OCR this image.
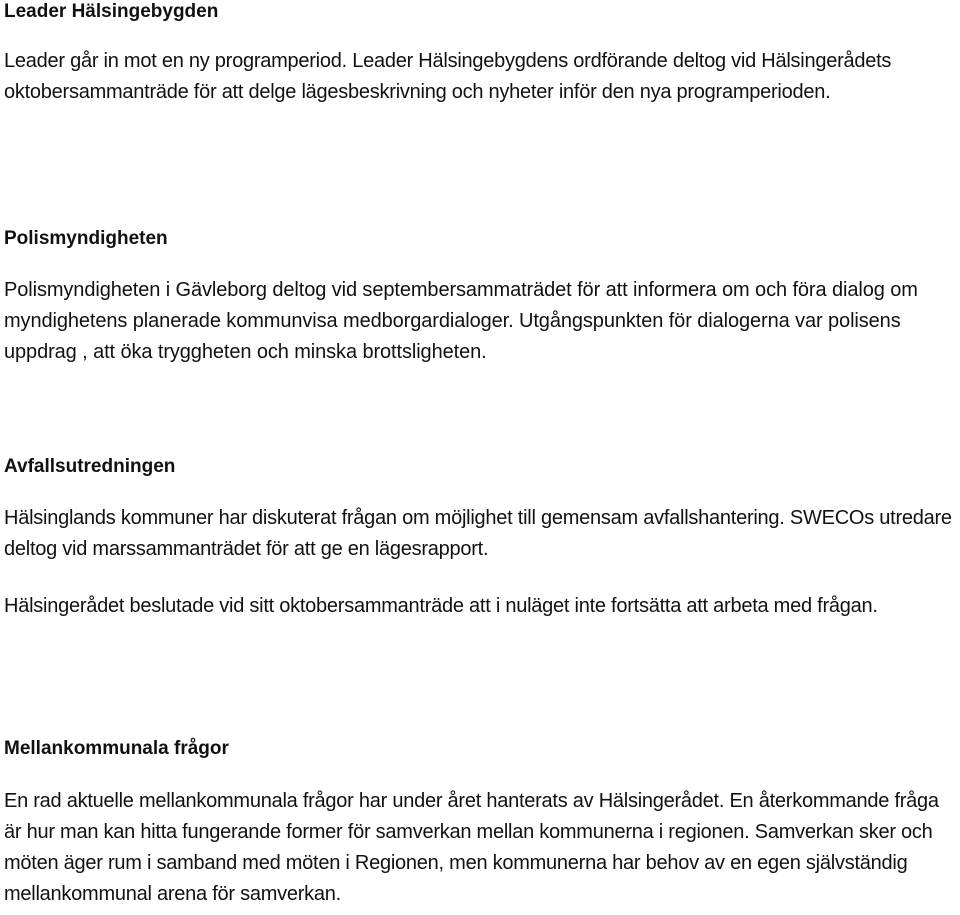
Leader Hälsingebygden

Leader går in mot en ny programperiod. Leader Hälsingebygdens ordförande deltog vid Hälsingerådets oktobersammanträde för att delge lägesbeskrivning och nyheter inför den nya programperioden.

Polismyndigheten

Polismyndigheten i Gävleborg deltog vid septembersammaträdet för att informera om och föra dialog om myndighetens planerade kommunvisa medborgardialoger. Utgångspunkten för dialogerna var polisens uppdrag , att öka tryggheten och minska brottsligheten.

Avfallsutredningen

Hälsinglands kommuner har diskuterat frågan om möjlighet till gemensam avfallshantering. SWECOs utredare deltog vid marssammanträdet för att ge en lägesrapport.

Hälsingerådet beslutade vid sitt oktobersammanträde att i nuläget inte fortsätta att arbeta med frågan.

Mellankommunala frågor

En rad aktuelle mellankommunala frågor har under året hanterats av Hälsingerådet. En återkommande fråga är hur man kan hitta fungerande former för samverkan mellan kommunerna i regionen. Samverkan sker och möten äger rum i samband med möten i Regionen, men kommunerna har behov av en egen självständig mellankommunal arena för samverkan.
